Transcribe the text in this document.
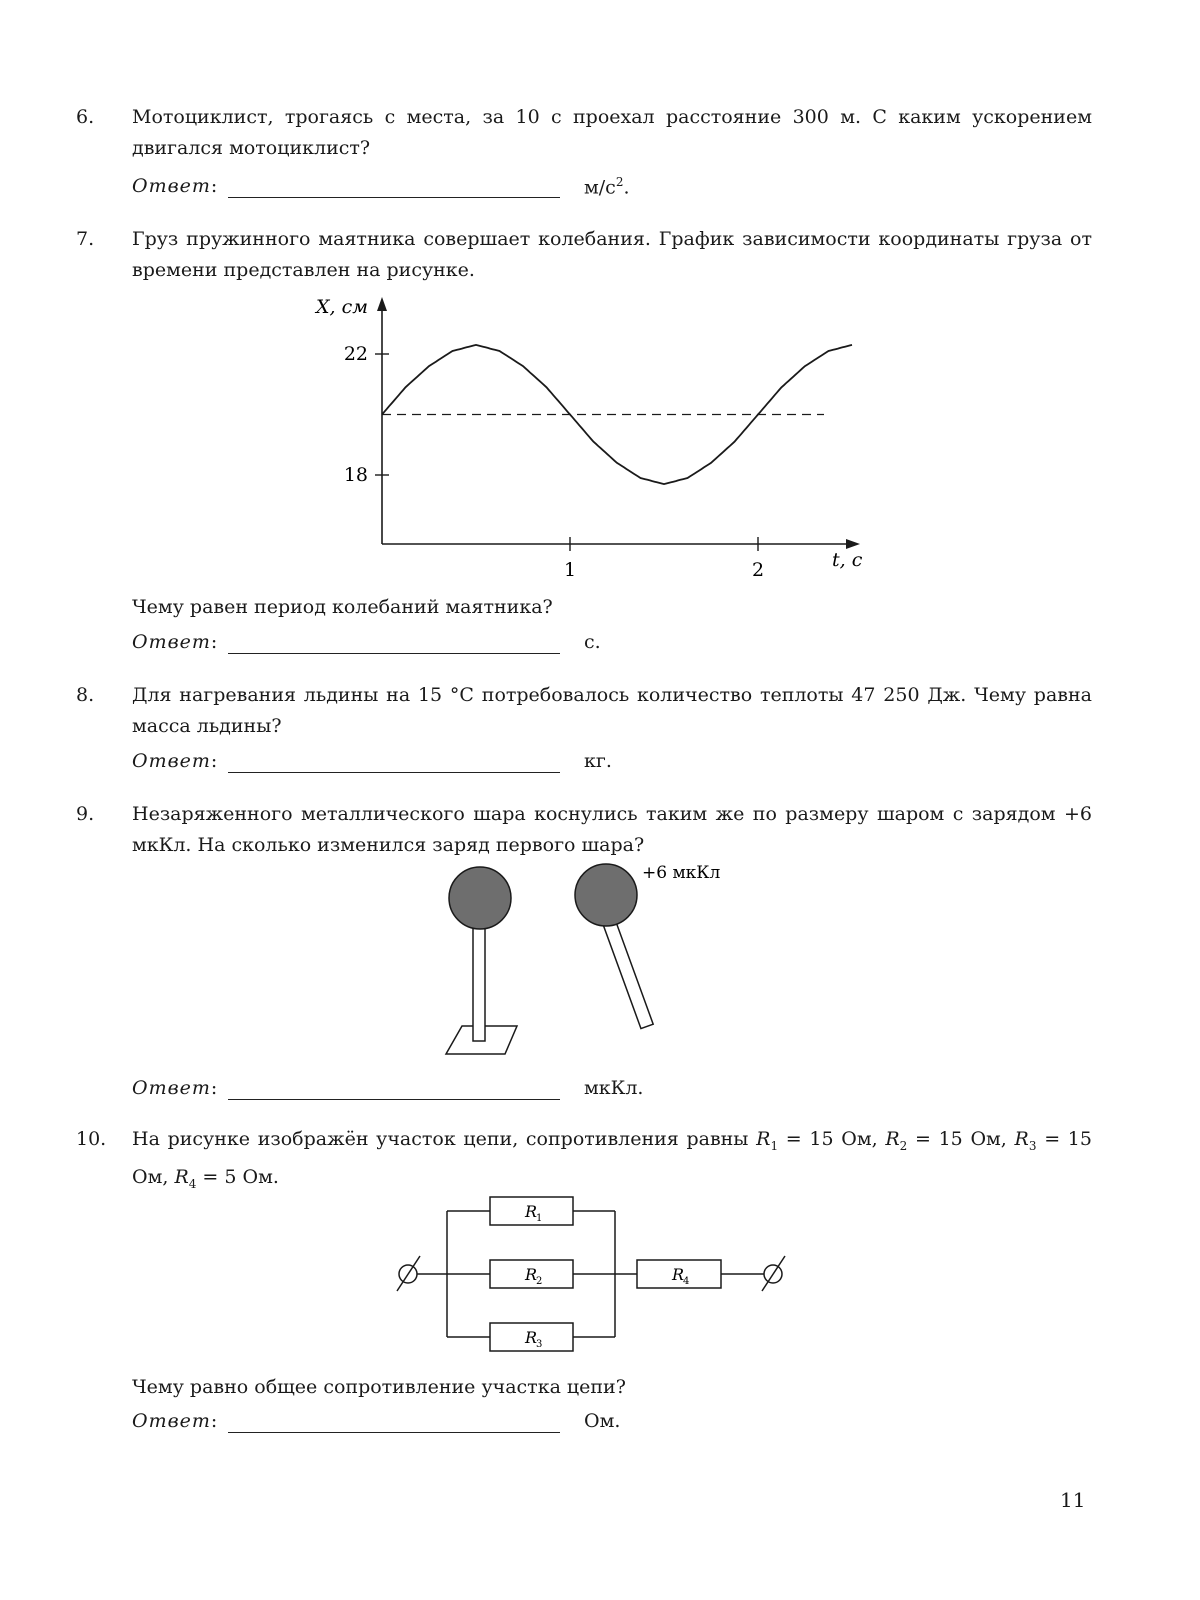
6. Мотоциклист, трогаясь с места, за 10 с проехал расстояние 300 м. С каким ускорением двигался мотоциклист?

Ответ:	$м/с^2$.
7. Груз пружинного маятника совершает колебания. График зависимости координаты груза от времени представлен на рисунке.

18
22
1	2
X, см
t, с

Чему равен период колебаний маятника?

Ответ:	с.
8. Для нагревания льдины на 15 °С потребовалось количество теплоты 47 250 Дж. Чему равна масса льдины?

Ответ:	кг.
9. Незаряженного металлического шара коснулись таким же по размеру шаром с зарядом +6 мкКл. На сколько изменился заряд первого шара?

+6 мкКл
Ответ:	мкКл.
10. На рисунке изображён участок цепи, сопротивления равны $R_1 = 15$ Ом, $R_2 = 15$ Ом, $R_3 = 15$ Ом, $R_4 = 5$ Ом.

R
1
R
2
R
3
R
4

Чему равно общее сопротивление участка цепи?

Ответ:	Ом.
11
